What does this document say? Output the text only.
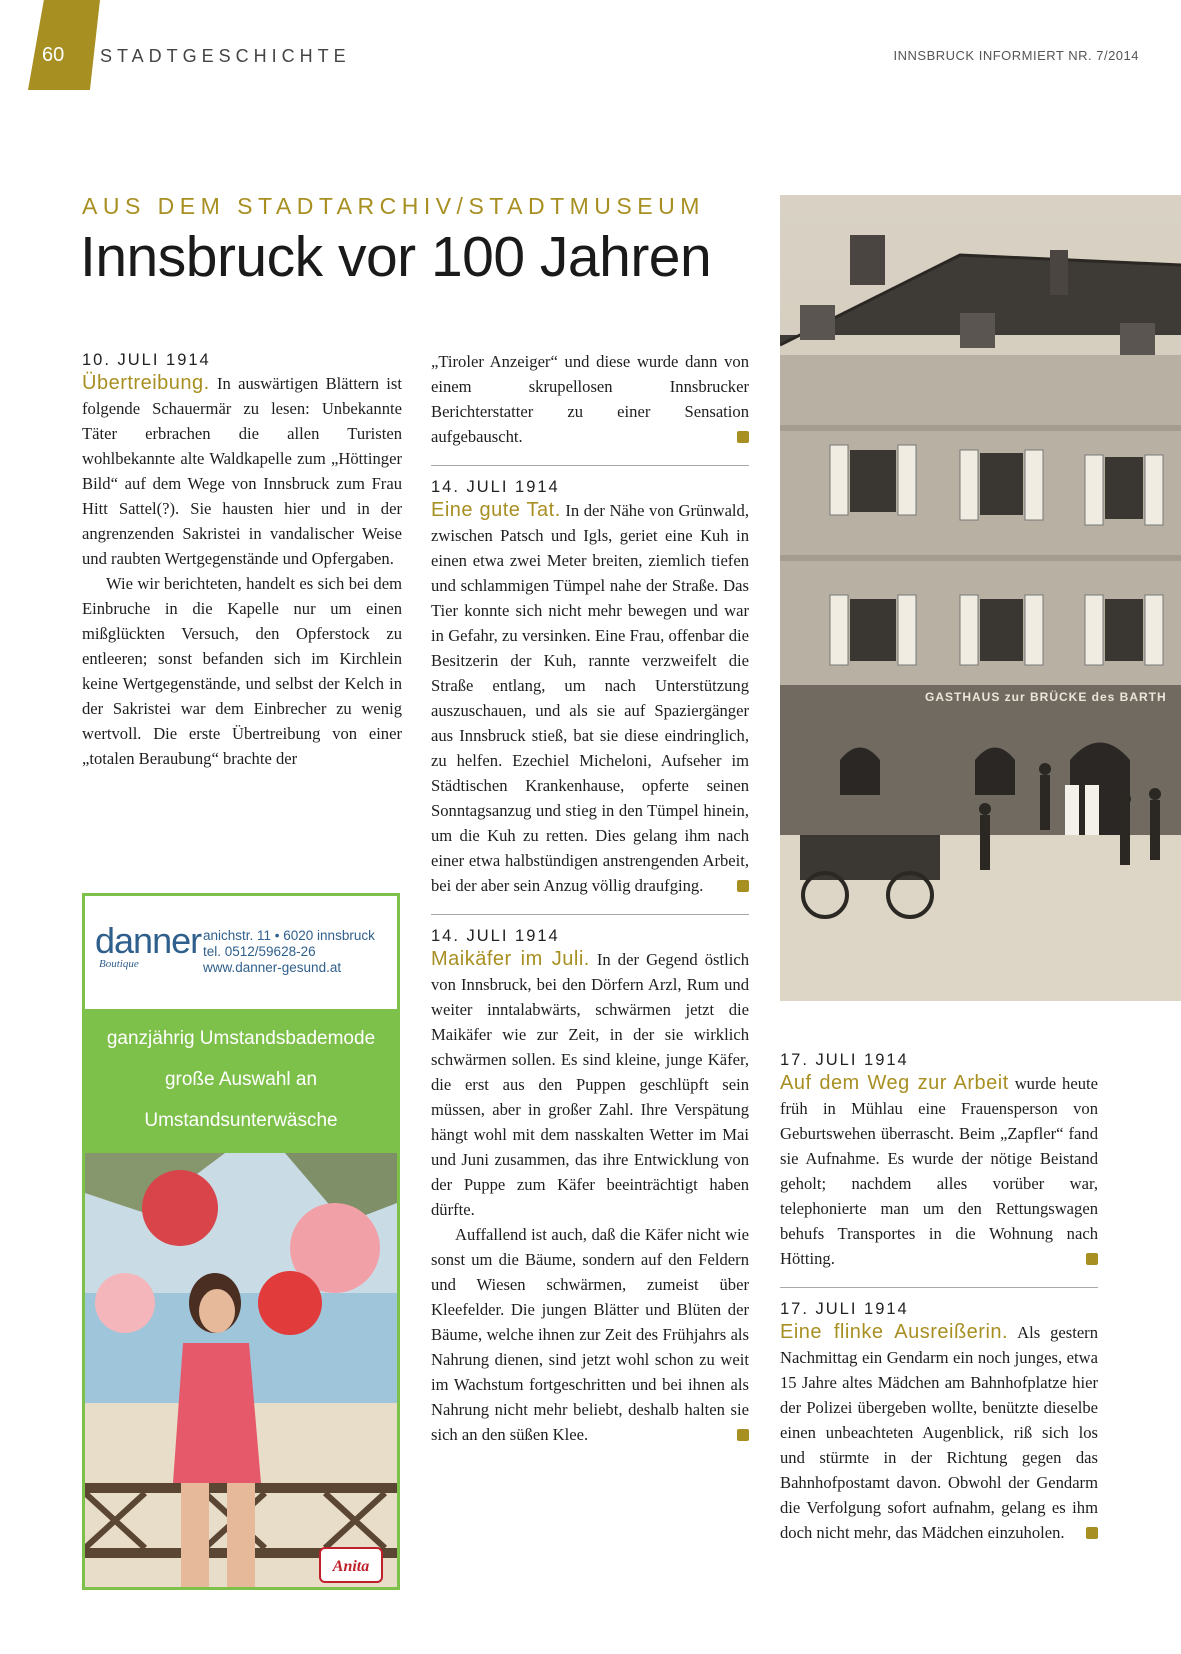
60 STADTGESCHICHTE	INNSBRUCK INFORMIERT NR. 7/2014
AUS DEM STADTARCHIV/STADTMUSEUM
Innsbruck vor 100 Jahren
10. JULI 1914

Übertreibung. In auswärtigen Blättern ist folgende Schauermär zu lesen: Unbekannte Täter erbrachen die allen Turisten wohlbekannte alte Waldkapelle zum „Höttinger Bild“ auf dem Wege von Innsbruck zum Frau Hitt Sattel(?). Sie hausten hier und in der angrenzenden Sakristei in vandalischer Weise und raubten Wertgegenstände und Opfergaben.

Wie wir berichteten, handelt es sich bei dem Einbruche in die Kapelle nur um einen mißglückten Versuch, den Opferstock zu entleeren; sonst befanden sich im Kirchlein keine Wertgegenstände, und selbst der Kelch in der Sakristei war dem Einbrecher zu wenig wertvoll. Die erste Übertreibung von einer „totalen Beraubung“ brachte der

„Tiroler Anzeiger“ und diese wurde dann von einem skrupellosen Innsbrucker Berichterstatter zu einer Sensation aufgebauscht.

14. JULI 1914

Eine gute Tat. In der Nähe von Grünwald, zwischen Patsch und Igls, geriet eine Kuh in einen etwa zwei Meter breiten, ziemlich tiefen und schlammigen Tümpel nahe der Straße. Das Tier konnte sich nicht mehr bewegen und war in Gefahr, zu versinken. Eine Frau, offenbar die Besitzerin der Kuh, rannte verzweifelt die Straße entlang, um nach Unterstützung auszuschauen, und als sie auf Spaziergänger aus Innsbruck stieß, bat sie diese eindringlich, zu helfen. Ezechiel Micheloni, Aufseher im Städtischen Krankenhause, opferte seinen Sonntagsanzug und stieg in den Tümpel hinein, um die Kuh zu retten. Dies gelang ihm nach einer etwa halbstündigen anstrengenden Arbeit, bei der aber sein Anzug völlig draufging.

14. JULI 1914

Maikäfer im Juli. In der Gegend östlich von Innsbruck, bei den Dörfern Arzl, Rum und weiter inntalabwärts, schwärmen jetzt die Maikäfer wie zur Zeit, in der sie wirklich schwärmen sollen. Es sind kleine, junge Käfer, die erst aus den Puppen geschlüpft sein müssen, aber in großer Zahl. Ihre Verspätung hängt wohl mit dem nasskalten Wetter im Mai und Juni zusammen, das ihre Entwicklung von der Puppe zum Käfer beeinträchtigt haben dürfte.

Auffallend ist auch, daß die Käfer nicht wie sonst um die Bäume, sondern auf den Feldern und Wiesen schwärmen, zumeist über Kleefelder. Die jungen Blätter und Blüten der Bäume, welche ihnen zur Zeit des Frühjahrs als Nahrung dienen, sind jetzt wohl schon zu weit im Wachstum fortgeschritten und bei ihnen als Nahrung nicht mehr beliebt, deshalb halten sie sich an den süßen Klee.

17. JULI 1914

Auf dem Weg zur Arbeit wurde heute früh in Mühlau eine Frauensperson von Geburtswehen überrascht. Beim „Zapfler“ fand sie Aufnahme. Es wurde der nötige Beistand geholt; nachdem alles vorüber war, telephonierte man um den Rettungswagen behufs Transportes in die Wohnung nach Hötting.

17. JULI 1914

Eine flinke Ausreißerin. Als gestern Nachmittag ein Gendarm ein noch junges, etwa 15 Jahre altes Mädchen am Bahnhofplatze hier der Polizei übergeben wollte, benützte dieselbe einen unbeachteten Augenblick, riß sich los und stürmte in der Richtung gegen das Bahnhofpostamt davon. Obwohl der Gendarm die Verfolgung sofort aufnahm, gelang es ihm doch nicht mehr, das Mädchen einzuholen.

danner
Boutique
anichstr. 11 • 6020 innsbruck
tel. 0512/59628-26
www.danner-gesund.at
ganzjährig Umstandsbademode
große Auswahl an
Umstandsunterwäsche
Anita
GASTHAUS zur BRÜCKE des BARTH
